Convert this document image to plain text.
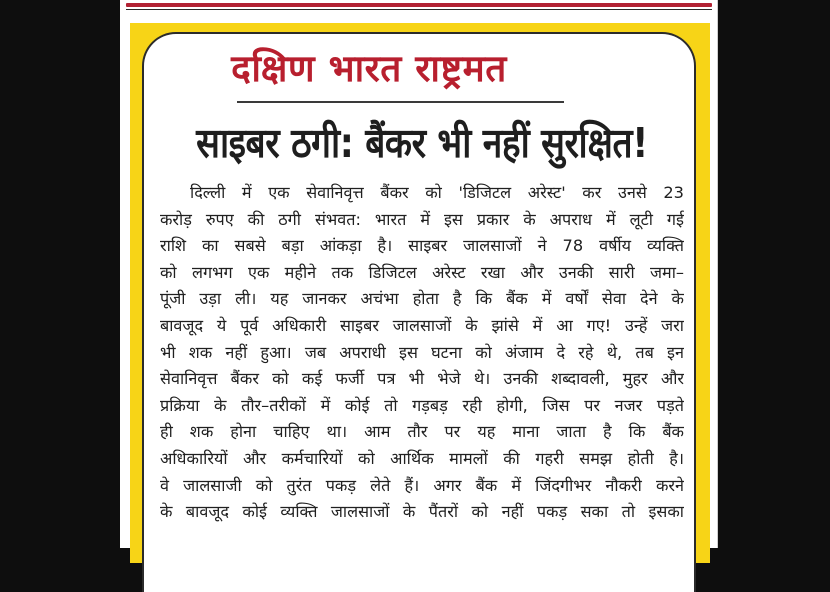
दक्षिण भारत राष्ट्रमत
साइबर ठगी: बैंकर भी नहीं सुरक्षित!
दिल्ली में एक सेवानिवृत्त बैंकर को 'डिजिटल अरेस्ट' कर उनसे 23
करोड़ रुपए की ठगी संभवत: भारत में इस प्रकार के अपराध में लूटी गई
राशि का सबसे बड़ा आंकड़ा है। साइबर जालसाजों ने 78 वर्षीय व्यक्ति
को लगभग एक महीने तक डिजिटल अरेस्ट रखा और उनकी सारी जमा–
पूंजी उड़ा ली। यह जानकर अचंभा होता है कि बैंक में वर्षों सेवा देने के
बावजूद ये पूर्व अधिकारी साइबर जालसाजों के झांसे में आ गए! उन्हें जरा
भी शक नहीं हुआ। जब अपराधी इस घटना को अंजाम दे रहे थे, तब इन
सेवानिवृत्त बैंकर को कई फर्जी पत्र भी भेजे थे। उनकी शब्दावली, मुहर और
प्रक्रिया के तौर–तरीकों में कोई तो गड़बड़ रही होगी, जिस पर नजर पड़ते
ही शक होना चाहिए था। आम तौर पर यह माना जाता है कि बैंक
अधिकारियों और कर्मचारियों को आर्थिक मामलों की गहरी समझ होती है।
वे जालसाजी को तुरंत पकड़ लेते हैं। अगर बैंक में जिंदगीभर नौकरी करने
के बावजूद कोई व्यक्ति जालसाजों के पैंतरों को नहीं पकड़ सका तो इसका
